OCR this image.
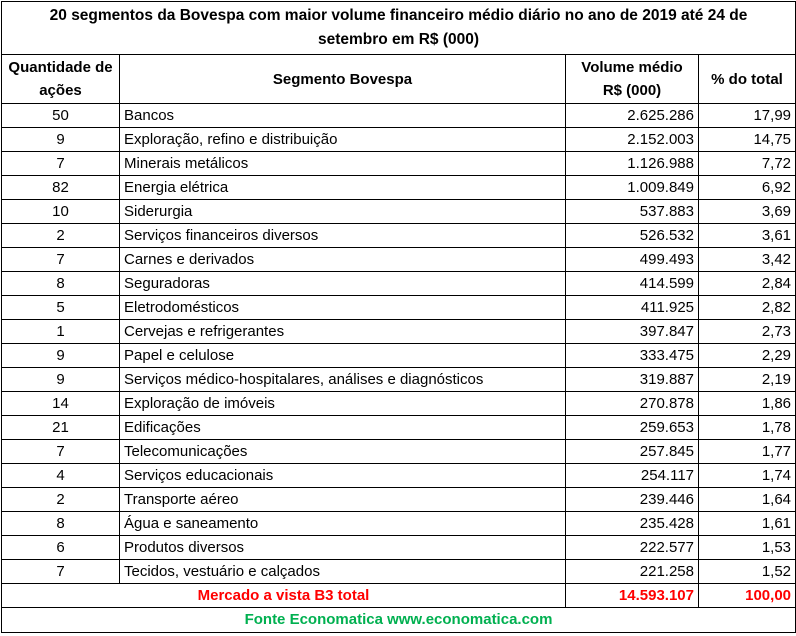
20 segmentos da Bovespa com maior volume financeiro médio diário no ano de 2019 até 24 de setembro em R$ (000)			
Quantidade de ações	Segmento Bovespa	Volume médio R$ (000)	% do total
50	Bancos	2.625.286	17,99
9	Exploração, refino e distribuição	2.152.003	14,75
7	Minerais metálicos	1.126.988	7,72
82	Energia elétrica	1.009.849	6,92
10	Siderurgia	537.883	3,69
2	Serviços financeiros diversos	526.532	3,61
7	Carnes e derivados	499.493	3,42
8	Seguradoras	414.599	2,84
5	Eletrodomésticos	411.925	2,82
1	Cervejas e refrigerantes	397.847	2,73
9	Papel e celulose	333.475	2,29
9	Serviços médico-hospitalares, análises e diagnósticos	319.887	2,19
14	Exploração de imóveis	270.878	1,86
21	Edificações	259.653	1,78
7	Telecomunicações	257.845	1,77
4	Serviços educacionais	254.117	1,74
2	Transporte aéreo	239.446	1,64
8	Água e saneamento	235.428	1,61
6	Produtos diversos	222.577	1,53
7	Tecidos, vestuário e calçados	221.258	1,52
Mercado a vista B3 total		14.593.107	100,00
Fonte Economatica www.economatica.com			
